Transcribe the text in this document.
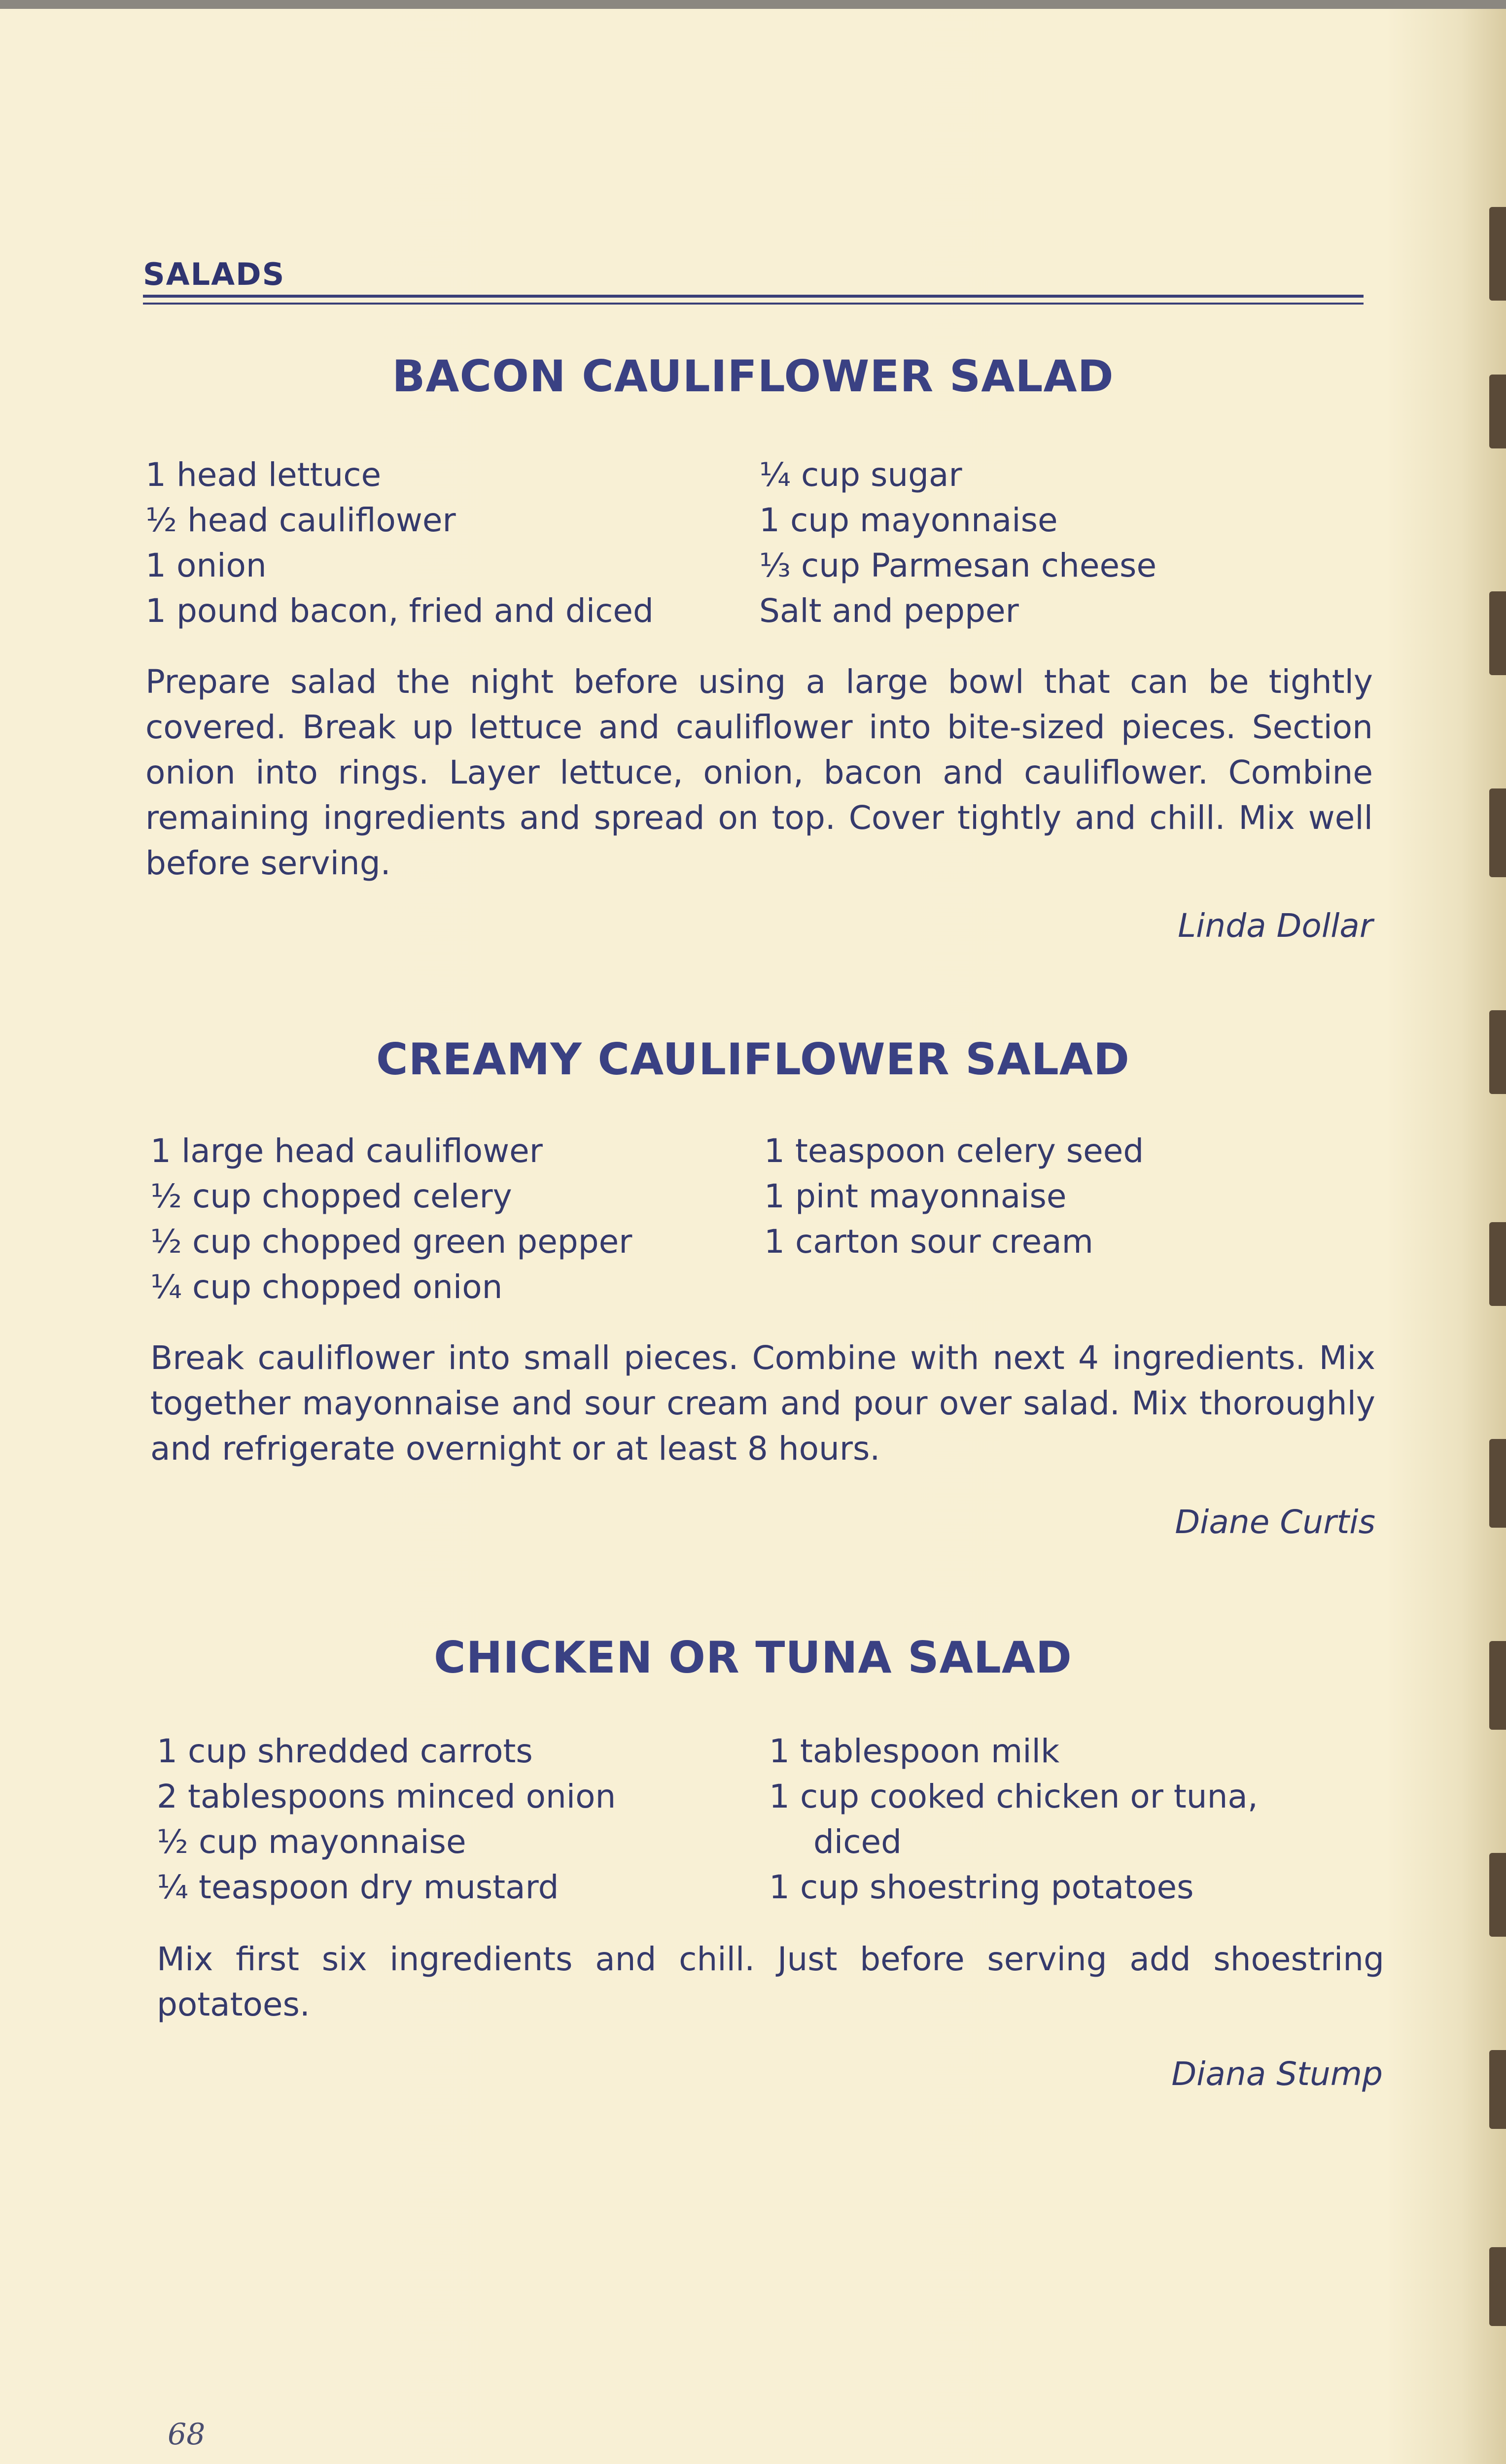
SALADS
BACON CAULIFLOWER SALAD
1 head lettuce
½ head cauliflower
1 onion
1 pound bacon, fried and diced
¼ cup sugar
1 cup mayonnaise
⅓ cup Parmesan cheese
Salt and pepper
Prepare salad the night before using a large bowl that can be tightly covered. Break up lettuce and cauliflower into bite-sized pieces. Section onion into rings. Layer lettuce, onion, bacon and cauliflower. Combine remaining ingredients and spread on top. Cover tightly and chill. Mix well before serving.
Linda Dollar
CREAMY CAULIFLOWER SALAD
1 large head cauliflower
½ cup chopped celery
½ cup chopped green pepper
¼ cup chopped onion
1 teaspoon celery seed
1 pint mayonnaise
1 carton sour cream
Break cauliflower into small pieces. Combine with next 4 ingredients. Mix together mayonnaise and sour cream and pour over salad. Mix thoroughly and refrigerate overnight or at least 8 hours.
Diane Curtis
CHICKEN OR TUNA SALAD
1 cup shredded carrots
2 tablespoons minced onion
½ cup mayonnaise
¼ teaspoon dry mustard
1 tablespoon milk
1 cup cooked chicken or tuna,
diced
1 cup shoestring potatoes
Mix first six ingredients and chill. Just before serving add shoestring potatoes.
Diana Stump
68
